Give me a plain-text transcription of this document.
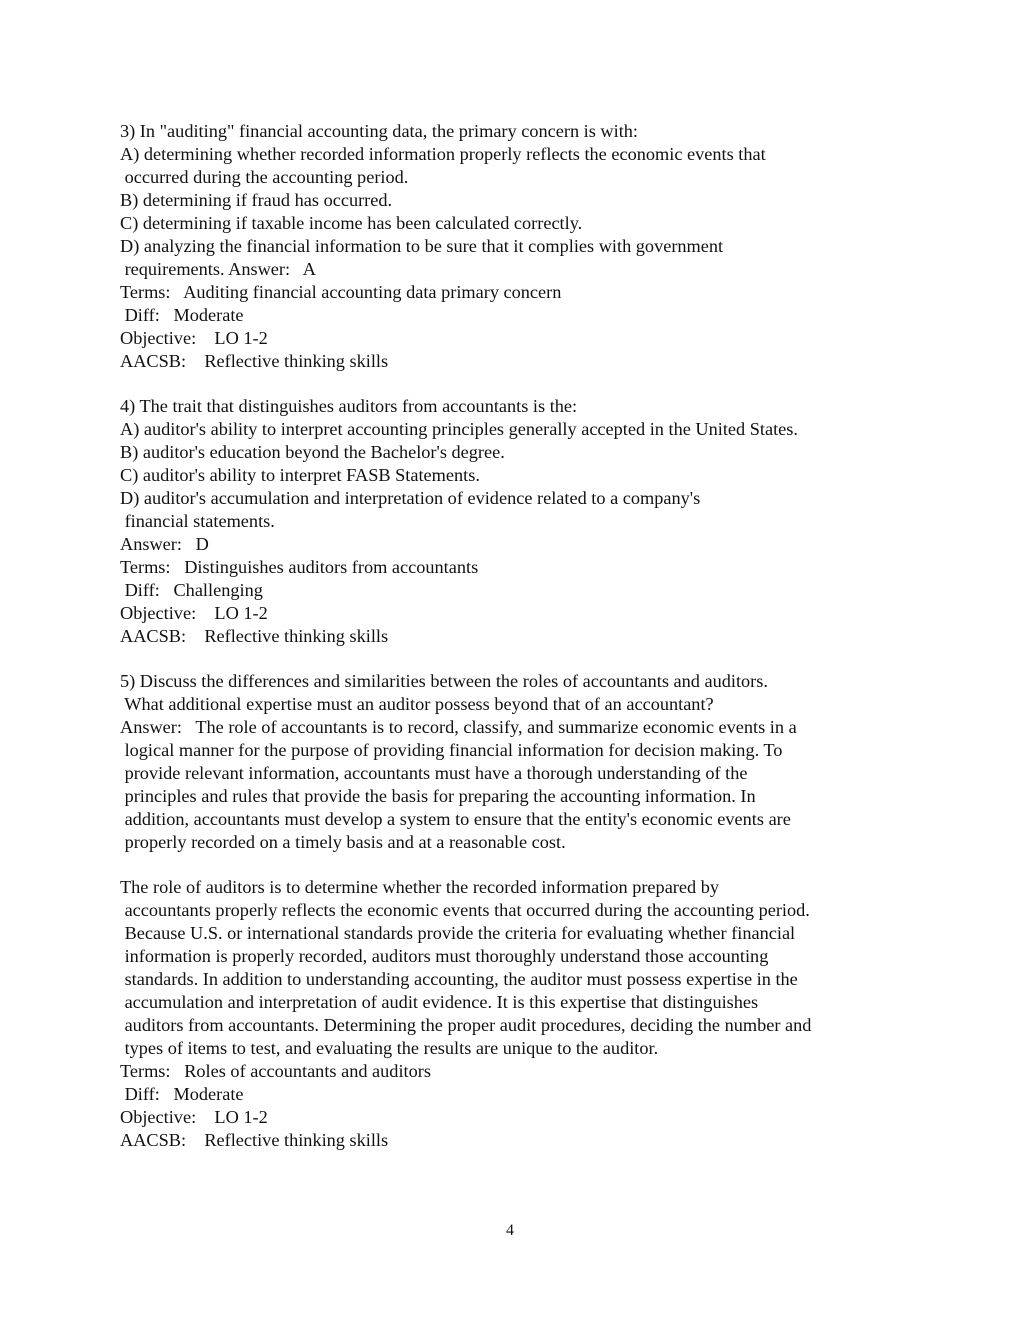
3) In "auditing" financial accounting data, the primary concern is with:
A) determining whether recorded information properly reflects the economic events that
occurred during the accounting period.
B) determining if fraud has occurred.
C) determining if taxable income has been calculated correctly.
D) analyzing the financial information to be sure that it complies with government
requirements. Answer:   A
Terms:   Auditing financial accounting data primary concern
Diff:   Moderate
Objective:    LO 1-2
AACSB:    Reflective thinking skills
4) The trait that distinguishes auditors from accountants is the:
A) auditor's ability to interpret accounting principles generally accepted in the United States.
B) auditor's education beyond the Bachelor's degree.
C) auditor's ability to interpret FASB Statements.
D) auditor's accumulation and interpretation of evidence related to a company's
financial statements.
Answer:   D
Terms:   Distinguishes auditors from accountants
Diff:   Challenging
Objective:    LO 1-2
AACSB:    Reflective thinking skills
5) Discuss the differences and similarities between the roles of accountants and auditors.
What additional expertise must an auditor possess beyond that of an accountant?
Answer:   The role of accountants is to record, classify, and summarize economic events in a
logical manner for the purpose of providing financial information for decision making. To
provide relevant information, accountants must have a thorough understanding of the
principles and rules that provide the basis for preparing the accounting information. In
addition, accountants must develop a system to ensure that the entity's economic events are
properly recorded on a timely basis and at a reasonable cost.
The role of auditors is to determine whether the recorded information prepared by
accountants properly reflects the economic events that occurred during the accounting period.
Because U.S. or international standards provide the criteria for evaluating whether financial
information is properly recorded, auditors must thoroughly understand those accounting
standards. In addition to understanding accounting, the auditor must possess expertise in the
accumulation and interpretation of audit evidence. It is this expertise that distinguishes
auditors from accountants. Determining the proper audit procedures, deciding the number and
types of items to test, and evaluating the results are unique to the auditor.
Terms:   Roles of accountants and auditors
Diff:   Moderate
Objective:    LO 1-2
AACSB:    Reflective thinking skills
4
